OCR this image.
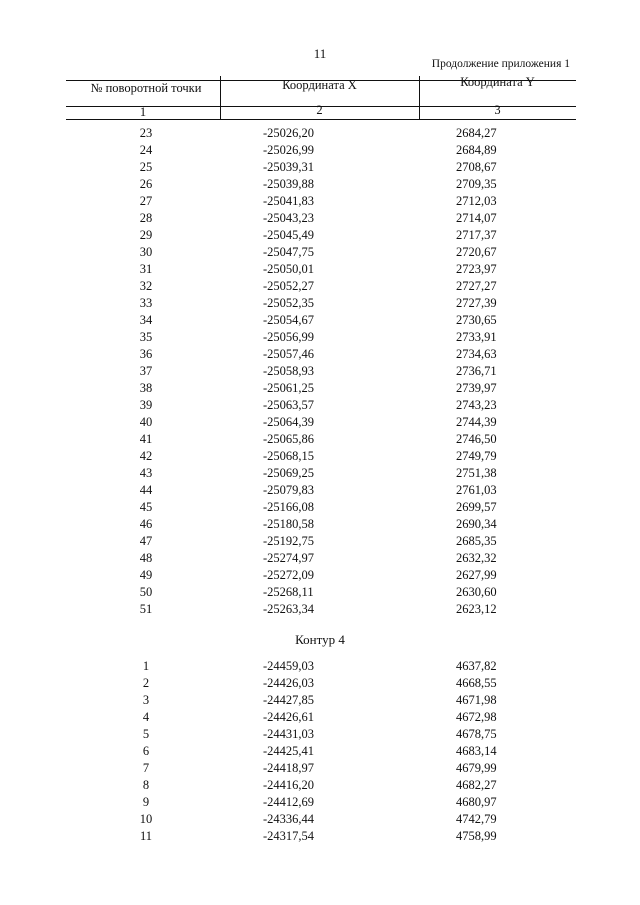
11
Продолжение приложения 1
№ поворотной точки	Координата X	Координата Y
1	2	3
23	-25026,20	2684,27
24	-25026,99	2684,89
25	-25039,31	2708,67
26	-25039,88	2709,35
27	-25041,83	2712,03
28	-25043,23	2714,07
29	-25045,49	2717,37
30	-25047,75	2720,67
31	-25050,01	2723,97
32	-25052,27	2727,27
33	-25052,35	2727,39
34	-25054,67	2730,65
35	-25056,99	2733,91
36	-25057,46	2734,63
37	-25058,93	2736,71
38	-25061,25	2739,97
39	-25063,57	2743,23
40	-25064,39	2744,39
41	-25065,86	2746,50
42	-25068,15	2749,79
43	-25069,25	2751,38
44	-25079,83	2761,03
45	-25166,08	2699,57
46	-25180,58	2690,34
47	-25192,75	2685,35
48	-25274,97	2632,32
49	-25272,09	2627,99
50	-25268,11	2630,60
51	-25263,34	2623,12
Контур 4
1	-24459,03	4637,82
2	-24426,03	4668,55
3	-24427,85	4671,98
4	-24426,61	4672,98
5	-24431,03	4678,75
6	-24425,41	4683,14
7	-24418,97	4679,99
8	-24416,20	4682,27
9	-24412,69	4680,97
10	-24336,44	4742,79
11	-24317,54	4758,99
